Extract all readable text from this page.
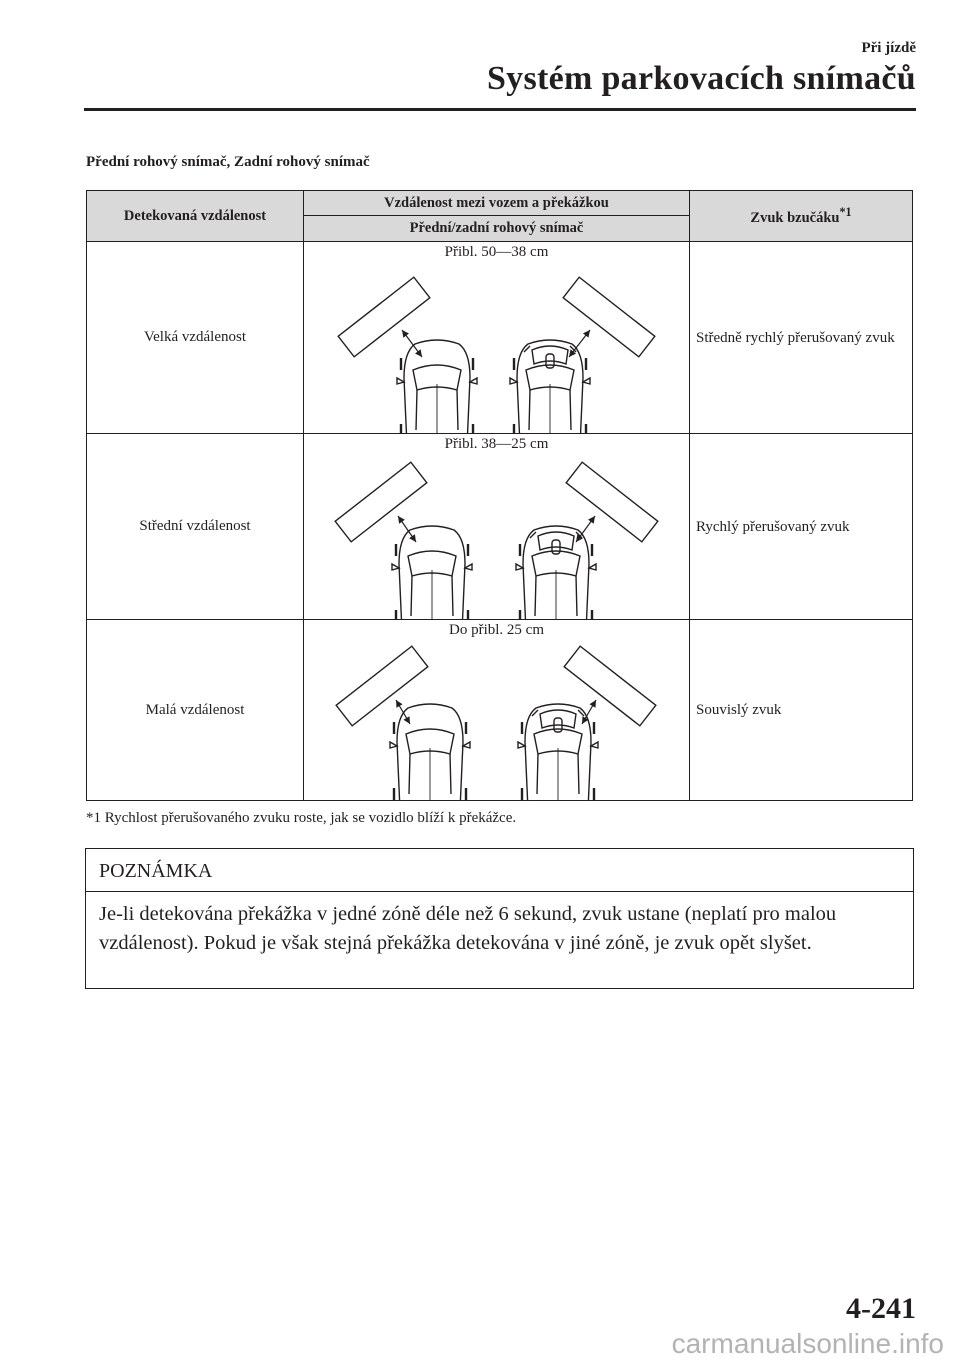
Při jízdě
Systém parkovacích snímačů
Přední rohový snímač, Zadní rohový snímač
Detekovaná vzdálenost	Vzdálenost mezi vozem a překážkou	Zvuk bzučáku$^{*1}$
	Přední/zadní rohový snímač	
Velká vzdálenost	Přibl. 50—38 cm	Středně rychlý přerušovaný zvuk
Střední vzdálenost	Přibl. 38—25 cm	Rychlý přerušovaný zvuk
Malá vzdálenost	Do přibl. 25 cm	Souvislý zvuk
*1 Rychlost přerušovaného zvuku roste, jak se vozidlo blíží k překážce.
POZNÁMKA
Je-li detekována překážka v jedné zóně déle než 6 sekund, zvuk ustane (neplatí pro malou vzdálenost). Pokud je však stejná překážka detekována v jiné zóně, je zvuk opět slyšet.
4-241
carmanualsonline.info
